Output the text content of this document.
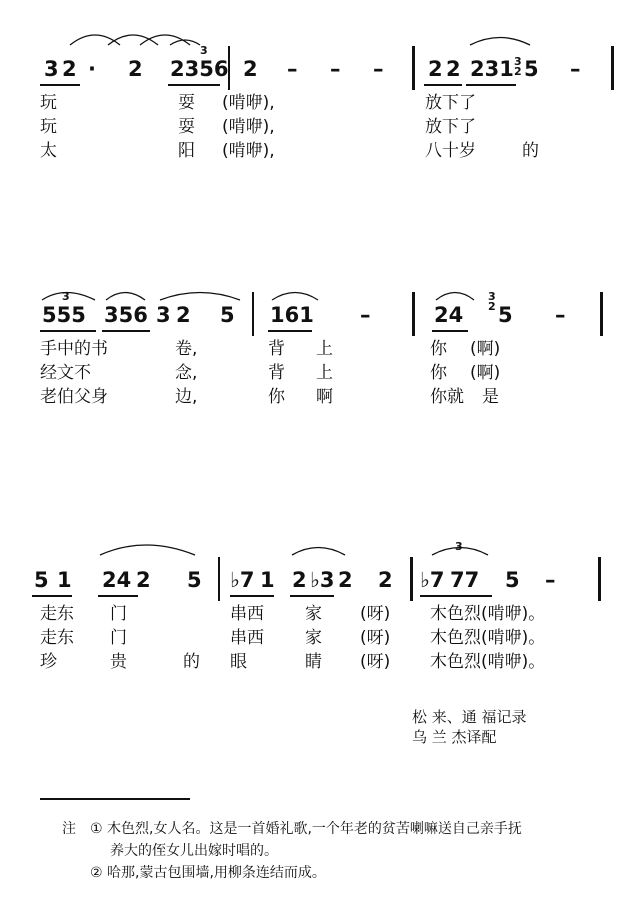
3 2 · 2 2356 2 – – – 2 2 231 5 –
3
3
2
玩	耍 (啃咿),	放下了
玩	耍 (啃咿),	放下了
太	阳 (啃咿),	八十岁	的
555 356 3 2 5 161 –	24 5 –
3	3
2
手中的书	卷,	背 上	你 (啊)
经文不	念,	背 上	你 (啊)
老伯父身	边,	你 啊	你就 是
5 1 24 2 5 ♭7 1 2 ♭3 2 2 ♭7 77 5 –
3
走东 门	串西 家 (呀) 木色烈(啃咿)。
走东 门	串西 家 (呀) 木色烈(啃咿)。
珍	贵	的 眼	睛 (呀) 木色烈(啃咿)。
松 来、通 福记录
乌 兰 杰译配
注 ① 木色烈,女人名。这是一首婚礼歌,一个年老的贫苦喇嘛送自己亲手抚
养大的侄女儿出嫁时唱的。
② 哈那,蒙古包围墙,用柳条连结而成。
